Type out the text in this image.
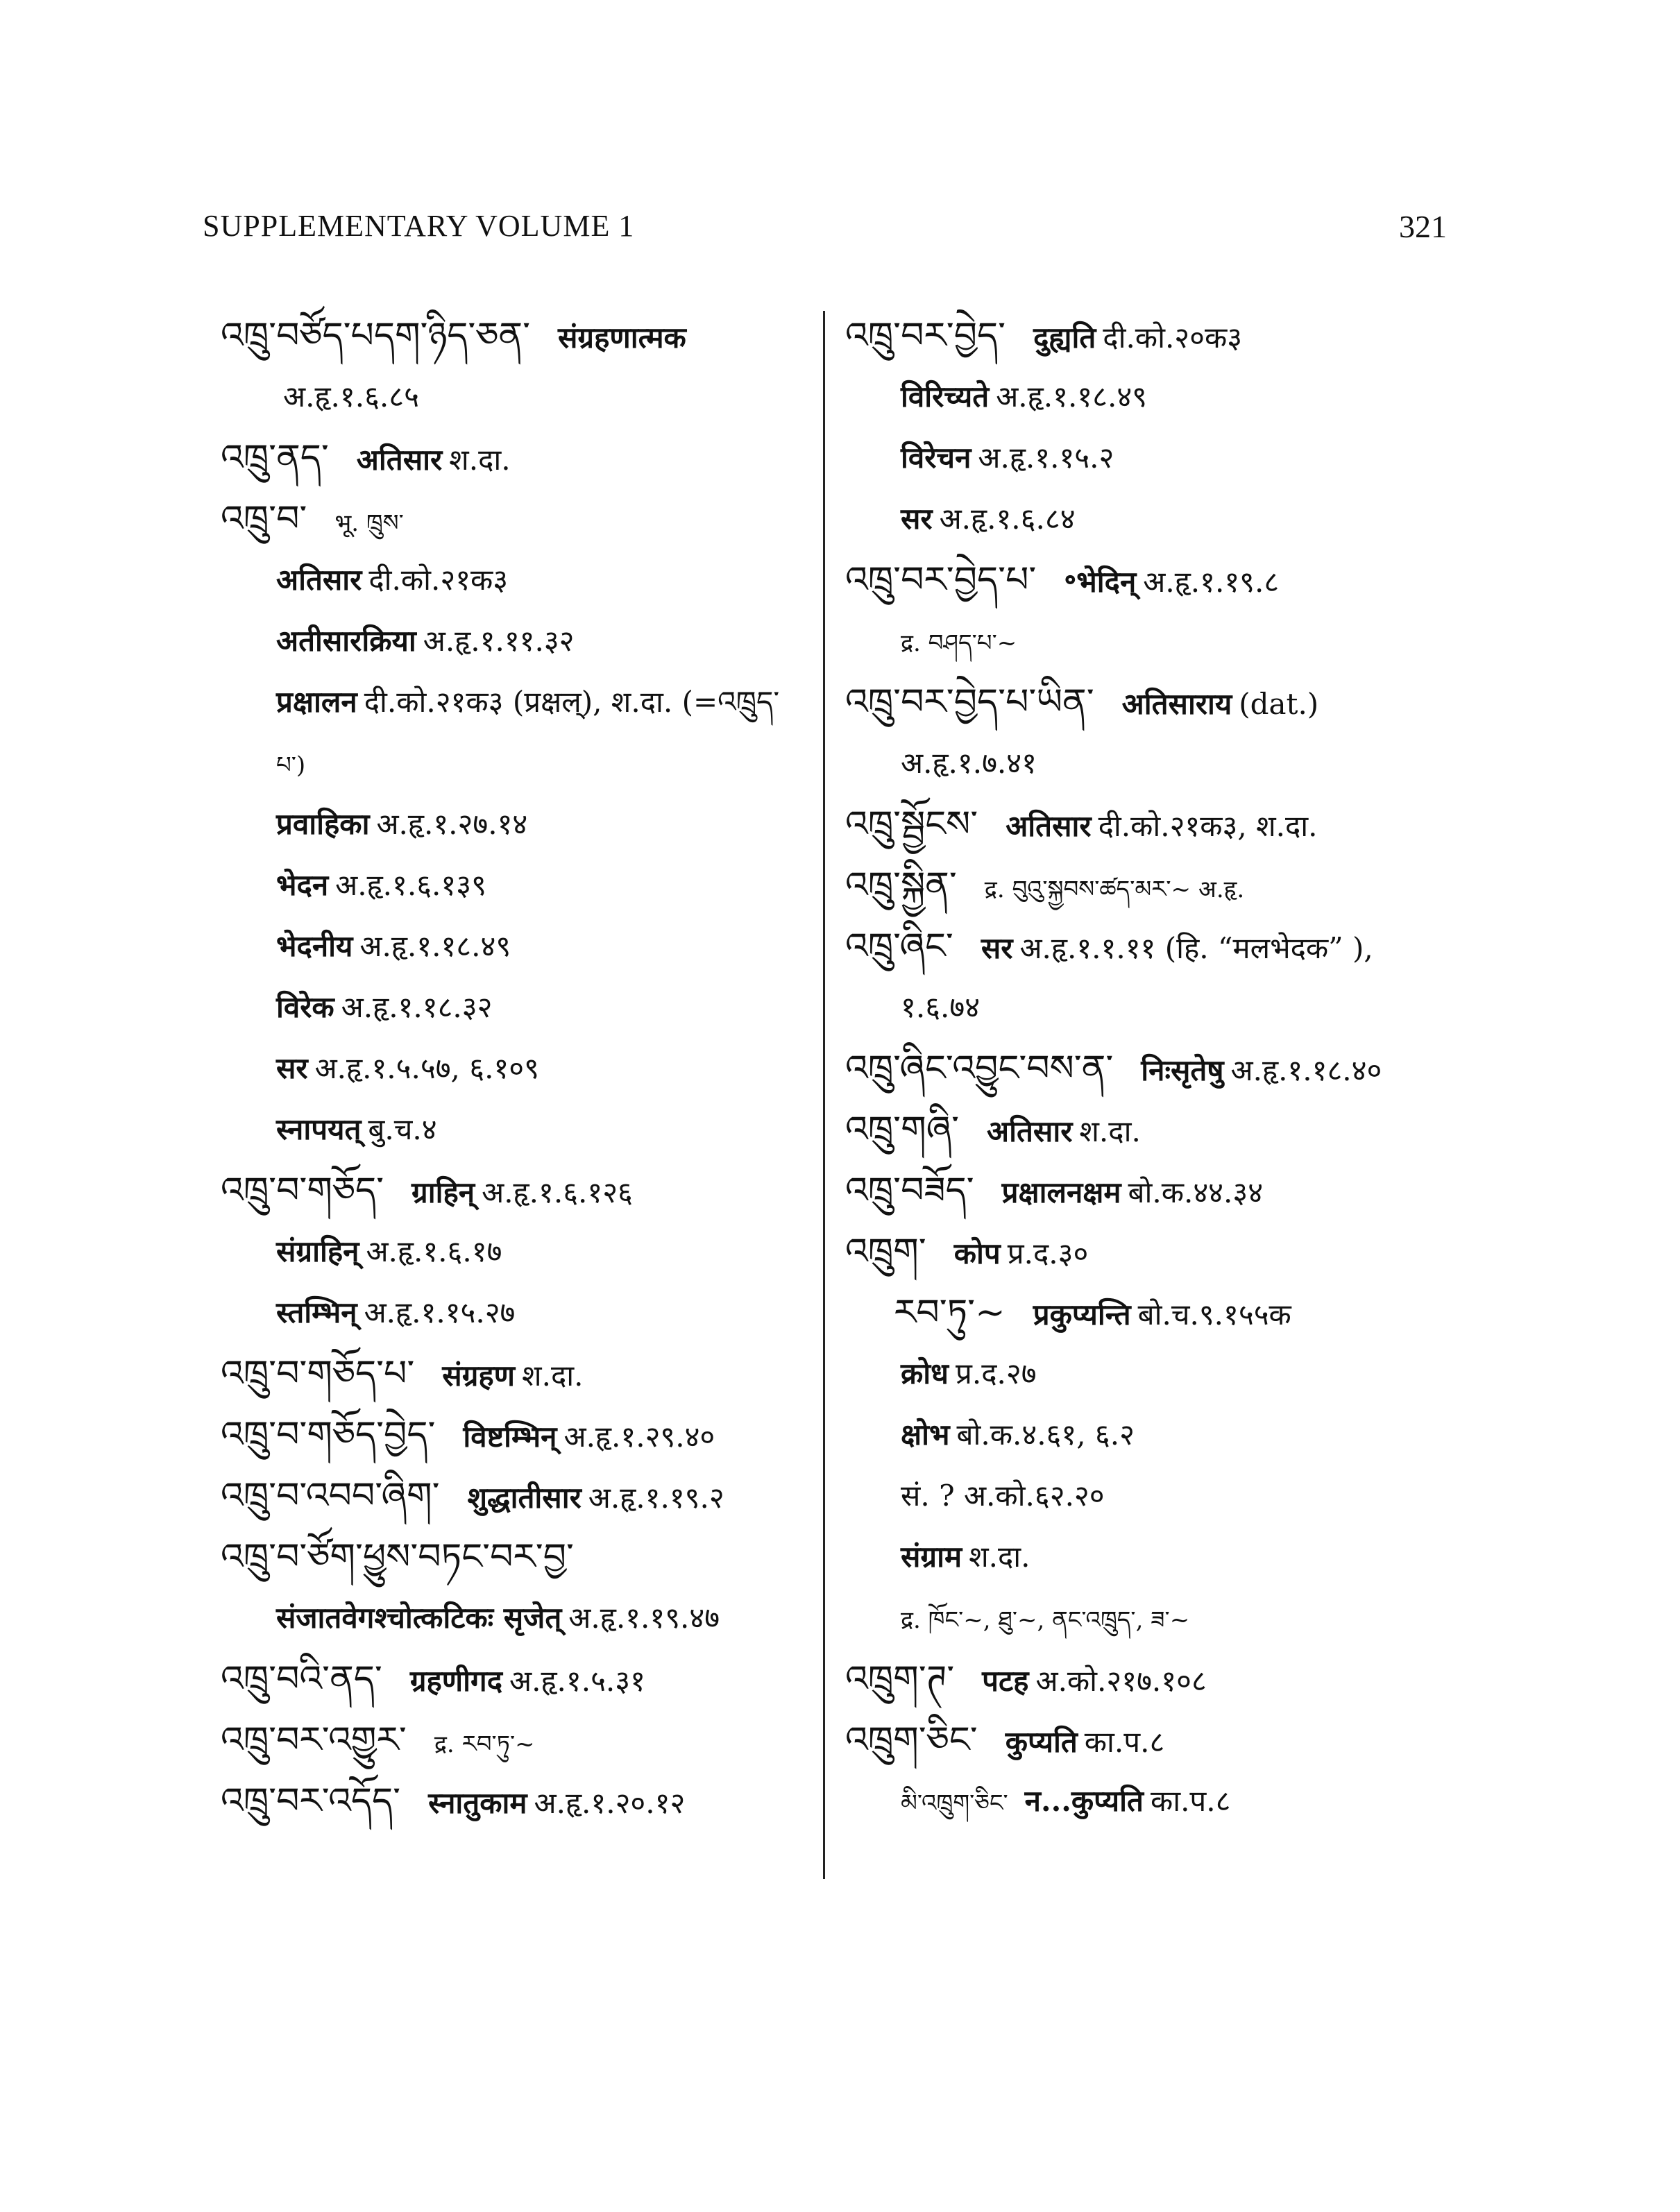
SUPPLEMENTARY VOLUME 1	321
འཁྲུ་བཙོད་པདག་ཉིད་ཅན་ संग्रहणात्मक
अ.हृ.१.६.८५
འཁྲུ་ནད་ अतिसार श.दा.
འཁྲུ་བ་ भू. ཁྲུས་
अतिसार दी.को.२१क३
अतीसारक्रिया अ.हृ.१.११.३२
प्रक्षालन दी.को.२१क३ (प्रक्षल्), श.दा. (=འཁྲུད་
པ་)
प्रवाहिका अ.हृ.१.२७.१४
भेदन अ.हृ.१.६.१३९
भेदनीय अ.हृ.१.१८.४९
विरेक अ.हृ.१.१८.३२
सर अ.हृ.१.५.५७, ६.१०९
स्नापयत् बु.च.४
འཁྲུ་བ་གཅོད་ ग्राहिन् अ.हृ.१.६.१२६
संग्राहिन् अ.हृ.१.६.१७
स्तम्भिन् अ.हृ.१.१५.२७
འཁྲུ་བ་གཅོད་པ་ संग्रहण श.दा.
འཁྲུ་བ་གཅོད་བྱེད་ विष्टम्भिन् अ.हृ.१.२९.४०
འཁྲུ་བ་འབབ་ཞིག་ शुद्धातीसार अ.हृ.१.१९.२
འཁྲུ་བ་ཙོག་ཕྱུས་བཏང་བར་བྱ་
संजातवेगश्चोत्कटिकः सृजेत् अ.हृ.१.१९.४७
འཁྲུ་བའི་ནད་ ग्रहणीगद अ.हृ.१.५.३१
འཁྲུ་བར་འགྱུར་ द्र. རབ་ཏུ་~
འཁྲུ་བར་འདོད་ स्नातुकाम अ.हृ.१.२०.१२
འཁྲུ་བར་བྱེད་ दुह्यति दी.को.२०क३
विरिच्यते अ.हृ.१.१८.४९
विरेचन अ.हृ.१.१५.२
सर अ.हृ.१.६.८४
འཁྲུ་བར་བྱེད་པ་ ॰भेदिन् अ.हृ.१.१९.८
द्र. བཤད་པ་~
འཁྲུ་བར་བྱེད་པ་ཡིན་ अतिसाराय (dat.)
अ.हृ.१.७.४१
འཁྲུ་སྦྱོངས་ अतिसार दी.को.२१क३, श.दा.
འཁྲུ་སྐྱིན་ द्र. བུའུ་སྐྱབས་ཚད་མར་~ अ.हृ.
འཁྲུ་ཞིང་ सर अ.हृ.१.१.११ (हि. “मलभेदक” ),
१.६.७४
འཁྲུ་ཞིང་འབྱུང་བས་ན་ निःसृतेषु अ.हृ.१.१८.४०
འཁྲུ་གཞི་ अतिसार श.दा.
འཁྲུ་བཟོད་ प्रक्षालनक्षम बो.क.४४.३४
འཁྲུག་ कोप प्र.द.३०
རབ་ཏུ་~ प्रकुप्यन्ति बो.च.९.१५५क
क्रोध प्र.द.२७
क्षोभ बो.क.४.६१, ६.२
सं. ? अ.को.६२.२०
संग्राम श.दा.
द्र. ཁོང་~, ཐུ་~, ནང་འཁྲུད་, ཟ་~
འཁྲུག་ཊ་ पटह अ.को.२१७.१०८
འཁྲུག་ཅིང་ कुप्यति का.प.८
མི་འཁྲུག་ཅིང་ न...कुप्यति का.प.८
